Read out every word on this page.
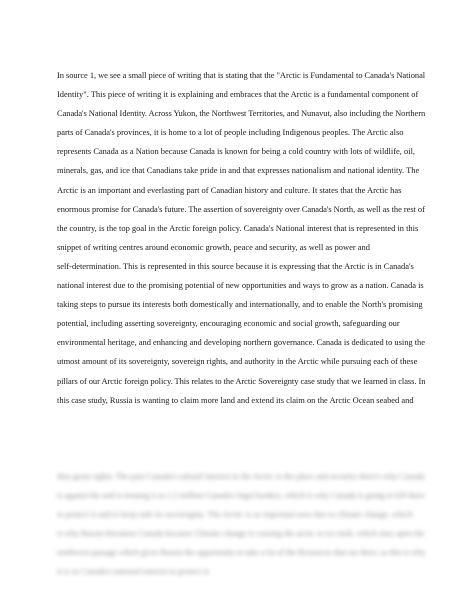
In source 1, we see a small piece of writing that is stating that the "Arctic is Fundamental to Canada's National
Identity". This piece of writing it is explaining and embraces that the Arctic is a fundamental component of
Canada's National Identity. Across Yukon, the Northwest Territories, and Nunavut, also including the Northern
parts of Canada's provinces, it is home to a lot of people including Indigenous peoples. The Arctic also
represents Canada as a Nation because Canada is known for being a cold country with lots of wildlife, oil,
minerals, gas, and ice that Canadians take pride in and that expresses nationalism and national identity. The
Arctic is an important and everlasting part of Canadian history and culture. It states that the Arctic has
enormous promise for Canada's future. The assertion of sovereignty over Canada's North, as well as the rest of
the country, is the top goal in the Arctic foreign policy. Canada's National interest that is represented in this
snippet of writing centres around economic growth, peace and security, as well as power and
self-determination. This is represented in this source because it is expressing that the Arctic is in Canada's
national interest due to the promising potential of new opportunities and ways to grow as a nation. Canada is
taking steps to pursue its interests both domestically and internationally, and to enable the North's promising
potential, including asserting sovereignty, encouraging economic and social growth, safeguarding our
environmental heritage, and enhancing and developing northern governance. Canada is dedicated to using the
utmost amount of its sovereignty, sovereign rights, and authority in the Arctic while pursuing each of these
pillars of our Arctic foreign policy. This relates to the Arctic Sovereignty case study that we learned in class. In
this case study, Russia is wanting to claim more land and extend its claim on the Arctic Ocean seabed and
thus grant rights. The past Canada's subsoil interest in the Arctic is the place and security there's why Canada
is against the and is treating it as 1.2 million Canada's legal borders, which is why Canada is going to fell there
to protect it and to keep safe its sovereignty. The Arctic is as important now due to climate change, which
is why Russia threatens Canada because Climate change is causing the arctic to ice melt, which may open the
northwest passage which gives Russia the opportunity to take a lot of the Resources that are there, so this is why
it is so Canada's national interest to protect it.
